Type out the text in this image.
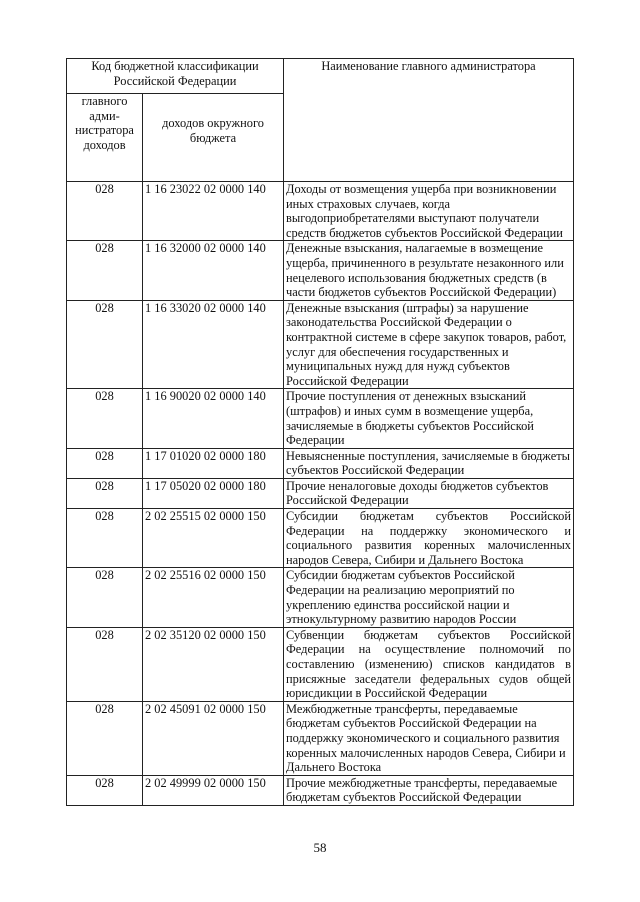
Код бюджетной классификации Российской Федерации		Наименование главного администратора
главного адми-нистратора доходов	доходов окружного бюджета	
028	1 16 23022 02 0000 140	Доходы от возмещения ущерба при возникновении иных страховых случаев, когда выгодоприобретателями выступают получатели средств бюджетов субъектов Российской Федерации
028	1 16 32000 02 0000 140	Денежные взыскания, налагаемые в возмещение ущерба, причиненного в результате незаконного или нецелевого использования бюджетных средств (в части бюджетов субъектов Российской Федерации)
028	1 16 33020 02 0000 140	Денежные взыскания (штрафы) за нарушение законодательства Российской Федерации о контрактной системе в сфере закупок товаров, работ, услуг для обеспечения государственных и муниципальных нужд для нужд субъектов Российской Федерации
028	1 16 90020 02 0000 140	Прочие поступления от денежных взысканий (штрафов) и иных сумм в возмещение ущерба, зачисляемые в бюджеты субъектов Российской Федерации
028	1 17 01020 02 0000 180	Невыясненные поступления, зачисляемые в бюджеты субъектов Российской Федерации
028	1 17 05020 02 0000 180	Прочие неналоговые доходы бюджетов субъектов Российской Федерации
028	2 02 25515 02 0000 150	Субсидии бюджетам субъектов Российской Федерации на поддержку экономического и социального развития коренных малочисленных народов Севера, Сибири и Дальнего Востока
028	2 02 25516 02 0000 150	Субсидии бюджетам субъектов Российской Федерации на реализацию мероприятий по укреплению единства российской нации и этнокультурному развитию народов России
028	2 02 35120 02 0000 150	Субвенции бюджетам субъектов Российской Федерации на осуществление полномочий по составлению (изменению) списков кандидатов в присяжные заседатели федеральных судов общей юрисдикции в Российской Федерации
028	2 02 45091 02 0000 150	Межбюджетные трансферты, передаваемые бюджетам субъектов Российской Федерации на поддержку экономического и социального развития коренных малочисленных народов Севера, Сибири и Дальнего Востока
028	2 02 49999 02 0000 150	Прочие межбюджетные трансферты, передаваемые бюджетам субъектов Российской Федерации
58
